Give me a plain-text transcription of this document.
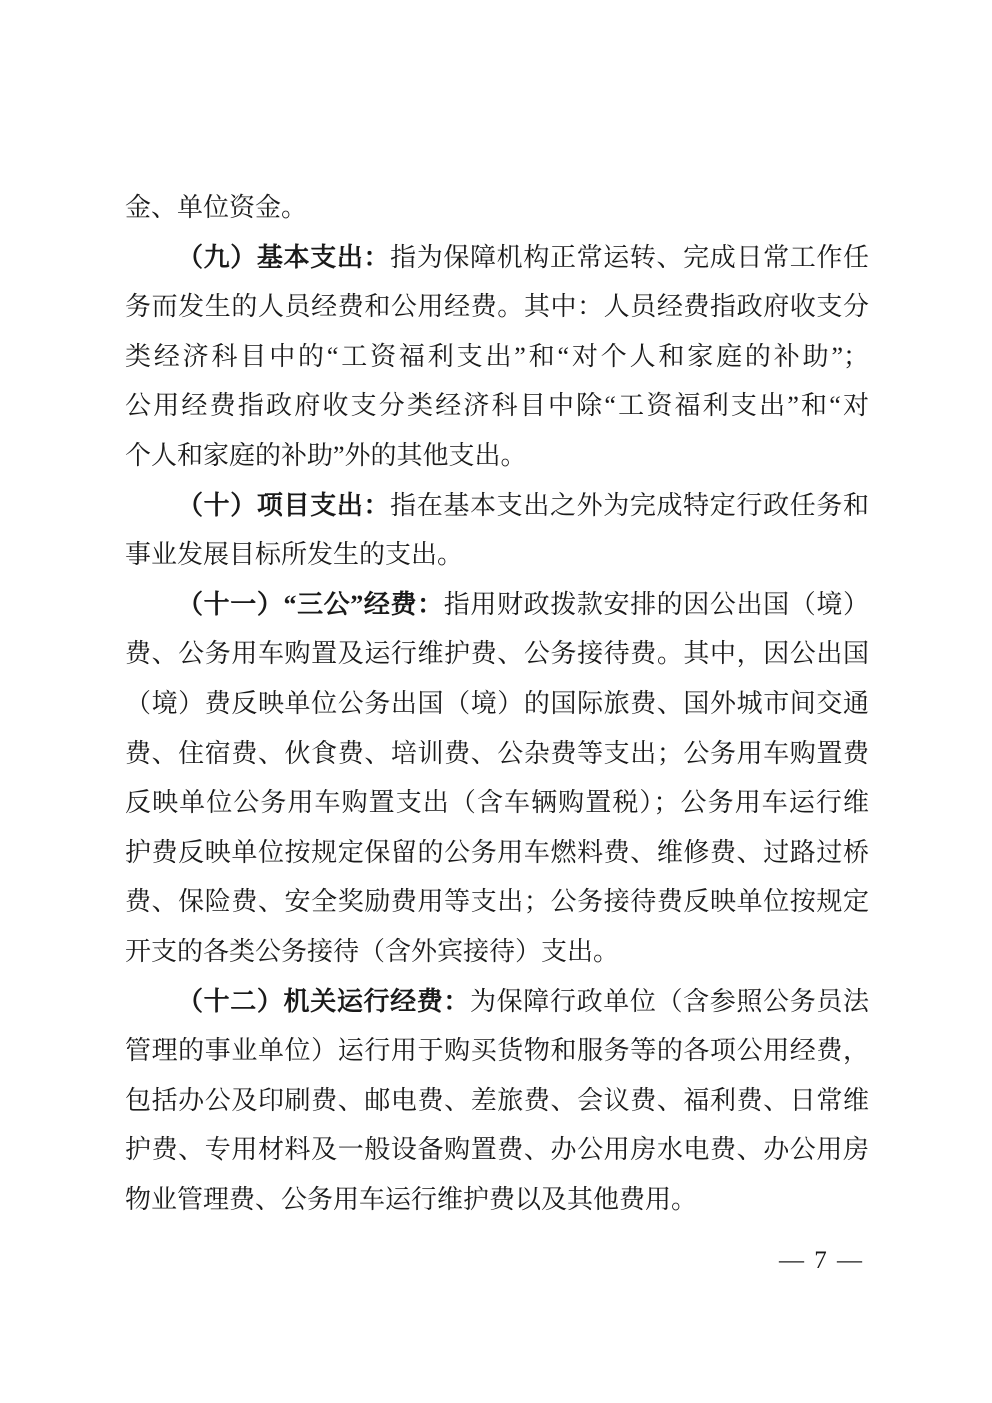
金、单位资金。
（九）基本支出：指为保障机构正常运转、完成日常工作任
务而发生的人员经费和公用经费。其中：人员经费指政府收支分
类经济科目中的“工资福利支出”和“对个人和家庭的补助”；
公用经费指政府收支分类经济科目中除“工资福利支出”和“对
个人和家庭的补助”外的其他支出。
（十）项目支出：指在基本支出之外为完成特定行政任务和
事业发展目标所发生的支出。
（十一）“三公”经费：指用财政拨款安排的因公出国（境）
费、公务用车购置及运行维护费、公务接待费。其中，因公出国
（境）费反映单位公务出国（境）的国际旅费、国外城市间交通
费、住宿费、伙食费、培训费、公杂费等支出；公务用车购置费
反映单位公务用车购置支出（含车辆购置税）；公务用车运行维
护费反映单位按规定保留的公务用车燃料费、维修费、过路过桥
费、保险费、安全奖励费用等支出；公务接待费反映单位按规定
开支的各类公务接待（含外宾接待）支出。
（十二）机关运行经费：为保障行政单位（含参照公务员法
管理的事业单位）运行用于购买货物和服务等的各项公用经费，
包括办公及印刷费、邮电费、差旅费、会议费、福利费、日常维
护费、专用材料及一般设备购置费、办公用房水电费、办公用房
物业管理费、公务用车运行维护费以及其他费用。
— 7 —
